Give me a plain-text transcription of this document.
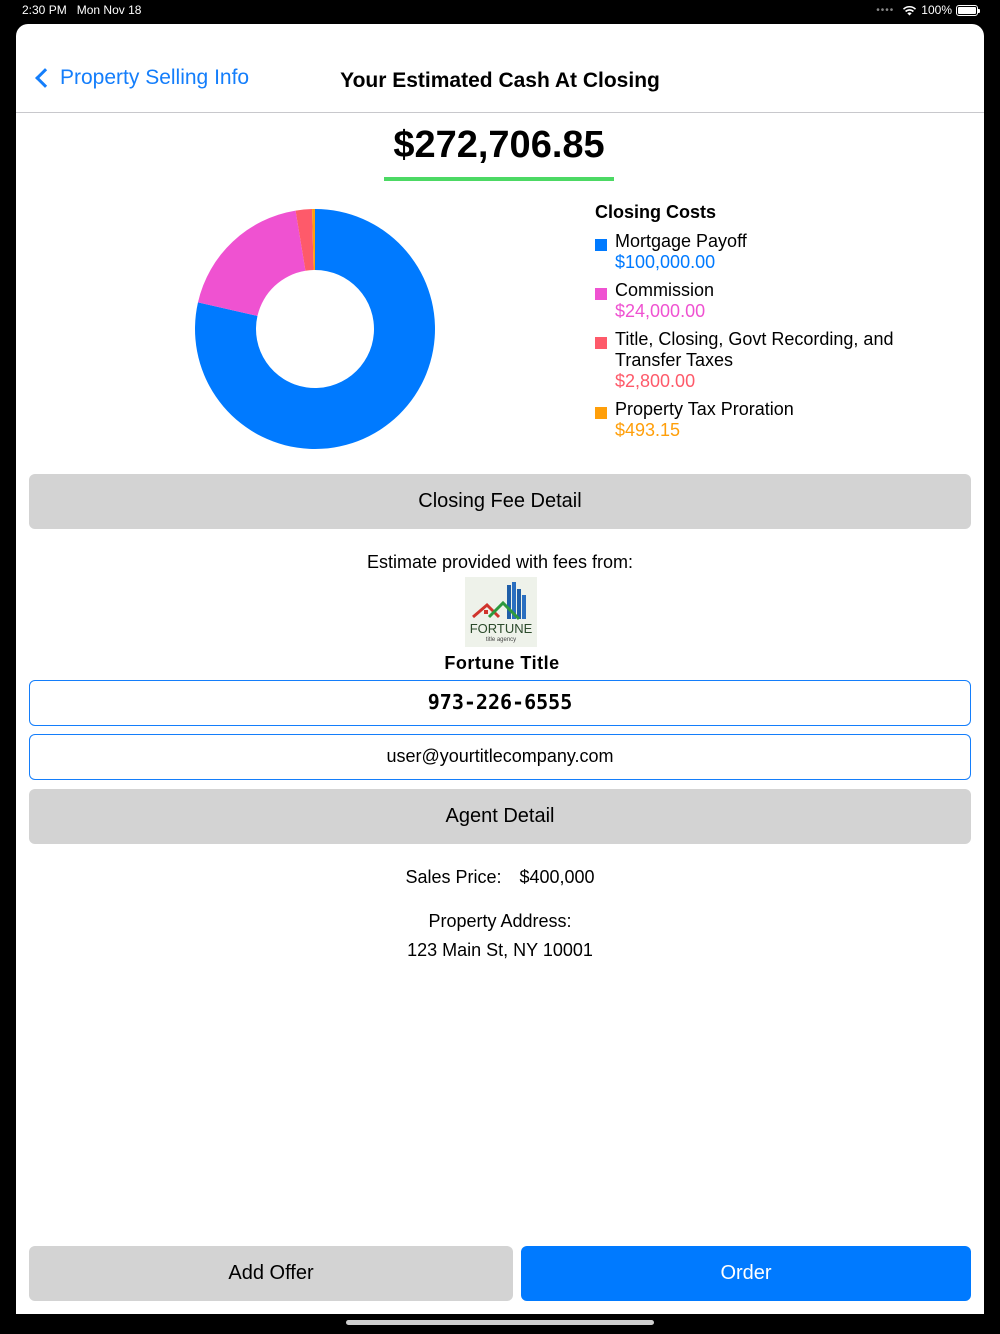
2:30 PM Mon Nov 18	•••• 100%
Property Selling Info	Your Estimated Cash At Closing
$272,706.85
Closing Costs
Mortgage Payoff
$100,000.00
Commission
$24,000.00
Title, Closing, Govt Recording, and Transfer Taxes
$2,800.00
Property Tax Proration
$493.15
Closing Fee Detail
Estimate provided with fees from:
FORTUNE
title agency
Fortune Title
973-226-6555
user@yourtitlecompany.com
Agent Detail
Sales Price: $400,000
Property Address:
123 Main St, NY 10001
Add Offer	Order
